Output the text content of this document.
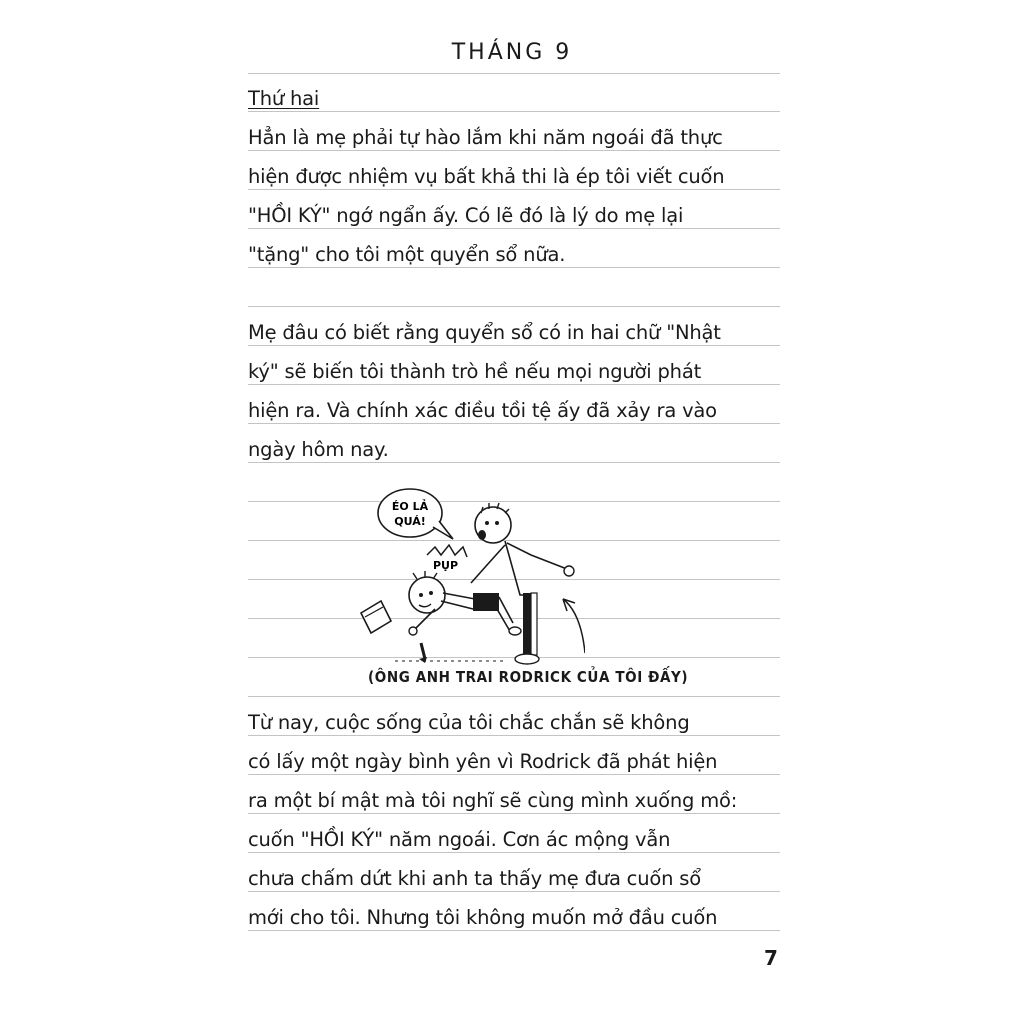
THÁNG 9
Thứ hai
Hẳn là mẹ phải tự hào lắm khi năm ngoái đã thực
hiện được nhiệm vụ bất khả thi là ép tôi viết cuốn
"HỒI KÝ" ngớ ngẩn ấy. Có lẽ đó là lý do mẹ lại
"tặng" cho tôi một quyển sổ nữa.
Mẹ đâu có biết rằng quyển sổ có in hai chữ "Nhật
ký" sẽ biến tôi thành trò hề nếu mọi người phát
hiện ra. Và chính xác điều tồi tệ ấy đã xảy ra vào
ngày hôm nay.
ÉO LẢ
QUÁ!
PỤP
(ÔNG ANH TRAI RODRICK CỦA TÔI ĐẤY)
Từ nay, cuộc sống của tôi chắc chắn sẽ không
có lấy một ngày bình yên vì Rodrick đã phát hiện
ra một bí mật mà tôi nghĩ sẽ cùng mình xuống mồ:
cuốn "HỒI KÝ" năm ngoái. Cơn ác mộng vẫn
chưa chấm dứt khi anh ta thấy mẹ đưa cuốn sổ
mới cho tôi. Nhưng tôi không muốn mở đầu cuốn
7
